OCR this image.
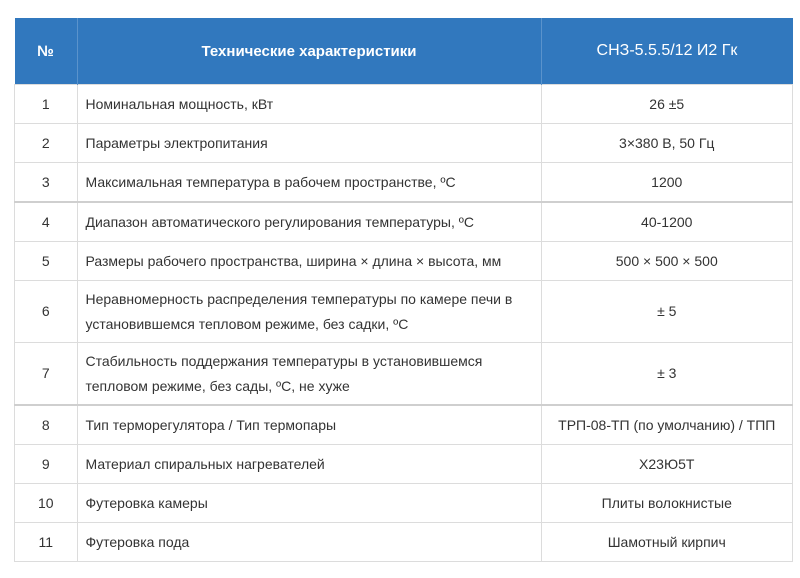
№	Технические характеристики	СНЗ-5.5.5/12 И2 Гк
1	Номинальная мощность, кВт	26 ±5
2	Параметры электропитания	3×380 В, 50 Гц
3	Максимальная температура в рабочем пространстве, ºС	1200
4	Диапазон автоматического регулирования температуры, ºС	40-1200
5	Размеры рабочего пространства, ширина × длина × высота, мм	500 × 500 × 500
6	Неравномерность распределения температуры по камере печи в установившемся тепловом режиме, без садки, ºС	± 5
7	Стабильность поддержания температуры в установившемся тепловом режиме, без сады, ºС, не хуже	± 3
8	Тип терморегулятора / Тип термопары	ТРП-08-ТП (по умолчанию) / ТПП
9	Материал спиральных нагревателей	Х23Ю5Т
10	Футеровка камеры	Плиты волокнистые
11	Футеровка пода	Шамотный кирпич
